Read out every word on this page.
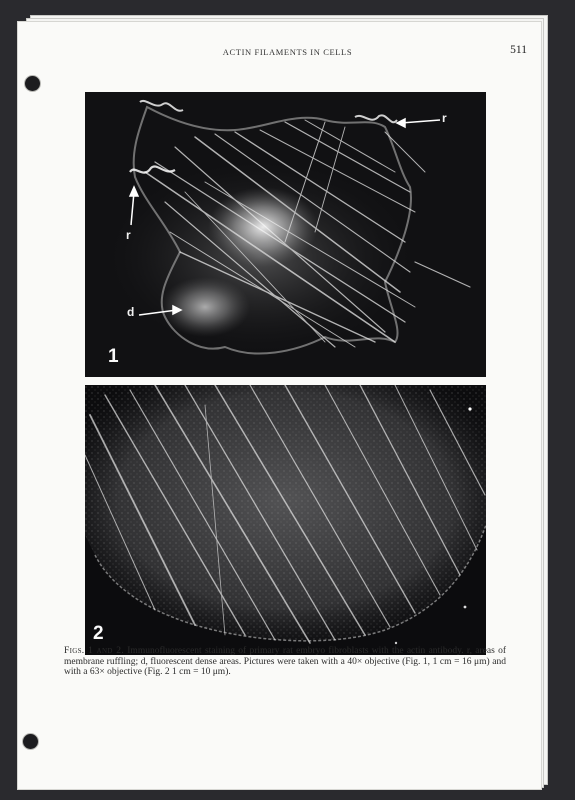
ACTIN FILAMENTS IN CELLS	511
r
r
d
1
2
Figs. 1 and 2. Immunofluorescent staining of primary rat embryo fibroblasts with the actin antibody. r, areas of membrane ruffling; d, fluorescent dense areas. Pictures were taken with a 40× objective (Fig. 1, 1 cm = 16 μm) and with a 63× objective (Fig. 2 1 cm = 10 μm).
